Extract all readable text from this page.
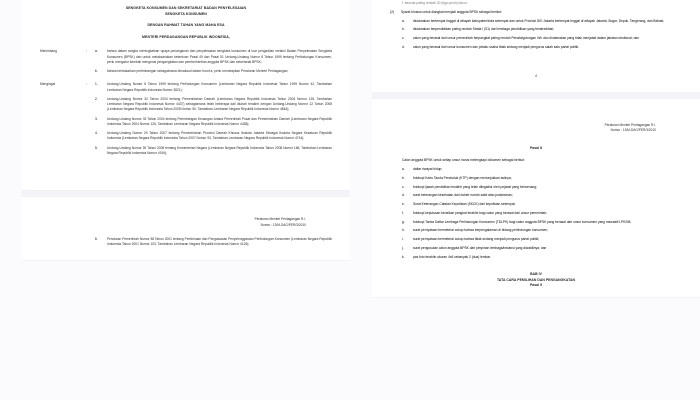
SENGKETA KONSUMEN DAN SEKRETARIAT BADAN PENYELESAIAN
SENGKETA KONSUMEN
DENGAN RAHMAT TUHAN YANG MAHA ESA
MENTERI PERDAGANGAN REPUBLIK INDONESIA,
Menimbang	:	a.	bahwa dalam rangka meningkatkan upaya penanganan dan penyelesaian sengketa konsumen di luar pengadilan melalui Badan Penyelesaian Sengketa Konsumen (BPSK) dan untuk melaksanakan ketentuan Pasal 49 dan Pasal 51 Undang-Undang Nomor 8 Tahun 1999 tentang Perlindungan Konsumen, perlu mengatur kembali mengenai pengangkatan dan pemberhentian anggota BPSK dan sekretariat BPSK;
b.	bahwa berdasarkan pertimbangan sebagaimana dimaksud dalam huruf a, perlu menetapkan Peraturan Menteri Perdagangan;
Mengingat	:	1.	Undang-Undang Nomor 8 Tahun 1999 tentang Perlindungan Konsumen (Lembaran Negara Republik Indonesia Tahun 1999 Nomor 42, Tambahan Lembaran Negara Republik Indonesia Nomor 3821);
2.	Undang-Undang Nomor 32 Tahun 2004 tentang Pemerintahan Daerah (Lembaran Negara Republik Indonesia Tahun 2004 Nomor 125, Tambahan Lembaran Negara Republik Indonesia Nomor 4437) sebagaimana telah beberapa kali diubah terakhir dengan Undang-Undang Nomor 12 Tahun 2008 (Lembaran Negara Republik Indonesia Tahun 2008 Nomor 59, Tambahan Lembaran Negara Republik Indonesia Nomor 4844);
3.	Undang-Undang Nomor 33 Tahun 2004 tentang Perimbangan Keuangan Antara Pemerintah Pusat dan Pemerintahan Daerah (Lembaran Negara Republik Indonesia Tahun 2004 Nomor 126, Tambahan Lembaran Negara Republik Indonesia Nomor 4438);
4.	Undang-Undang Nomor 29 Tahun 2007 tentang Pemerintahan Provinsi Daerah Khusus Ibukota Jakarta Sebagai Ibukota Negara Kesatuan Republik Indonesia (Lembaran Negara Republik Indonesia Tahun 2007 Nomor 93, Tambahan Lembaran Negara Republik Indonesia Nomor 4744);
5.	Undang-Undang Nomor 39 Tahun 2008 tentang Kementerian Negara (Lembaran Negara Republik Indonesia Tahun 2008 Nomor 166, Tambahan Lembaran Negara Republik Indonesia Nomor 4916);
Peraturan Menteri Perdagangan R.I.
Nomor : 13/M-DAG/PER/3/2010
6.	Peraturan Pemerintah Nomor 58 Tahun 2001 tentang Pembinaan dan Pengawasan Penyelenggaraan Perlindungan Konsumen (Lembaran Negara Republik Indonesia Tahun 2001 Nomor 103, Tambahan Lembaran Negara Republik Indonesia Nomor 4126);
f. berusia paling rendah 30 (tiga puluh) tahun;
(2)	Syarat khusus untuk diangkat menjadi anggota BPSK sebagai berikut:
a.	diutamakan bertempat tinggal di wilayah kabupaten/kota setempat dan untuk Provinsi DKI Jakarta bertempat tinggal di wilayah Jakarta, Bogor, Depok, Tangerang, dan Bekasi;
b.	diutamakan berpendidikan paling rendah Strata I (S1) dari lembaga pendidikan yang terakreditasi;
c.	calon yang berasal dari unsur pemerintah berpangkat paling rendah Penata/golongan III/c dan diutamakan yang tidak menjabat dalam jabatan struktural; dan
d.	calon yang berasal dari unsur konsumen dan pelaku usaha tidak sedang menjadi pengurus salah satu partai politik.
4
Peraturan Menteri Perdagangan R.I.
Nomor : 13/M-DAG/PER/3/2010
Pasal 8
Calon anggota BPSK untuk setiap unsur harus melengkapi dokumen sebagai berikut:
a.	daftar riwayat hidup;
b.	fotokopi Kartu Tanda Penduduk (KTP) dengan menunjukkan aslinya;
c.	fotokopi ijasah pendidikan terakhir yang telah dilegalisir oleh pejabat yang berwenang;
d.	surat keterangan kesehatan dari dokter rumah sakit atau puskesmas;
e.	Surat Keterangan Catatan Kepolisian (SKCK) dari kepolisian setempat;
f.	fotokopi keputusan kenaikan pangkat terakhir bagi calon yang berasal dari unsur pemerintah;
g.	fotokopi Tanda Daftar Lembaga Perlindungan Konsumen (TDLPK) bagi calon anggota BPSK yang berasal dari unsur konsumen yang mewakili LPKSM;
h.	surat pernyataan bermeterai cukup bahwa berpengalaman di bidang perlindungan konsumen;
i.	surat pernyataan bermeterai cukup bahwa tidak sedang menjadi pengurus partai politik;
j.	surat pengusulan calon anggota BPSK dari pimpinan lembaga/instansi yang diwakilinya; dan
k.	pas foto terakhir ukuran 4x6 sebanyak 2 (dua) lembar.
BAB IV
TATA CARA PEMILIHAN DAN PENGANGKATAN
Pasal 9
